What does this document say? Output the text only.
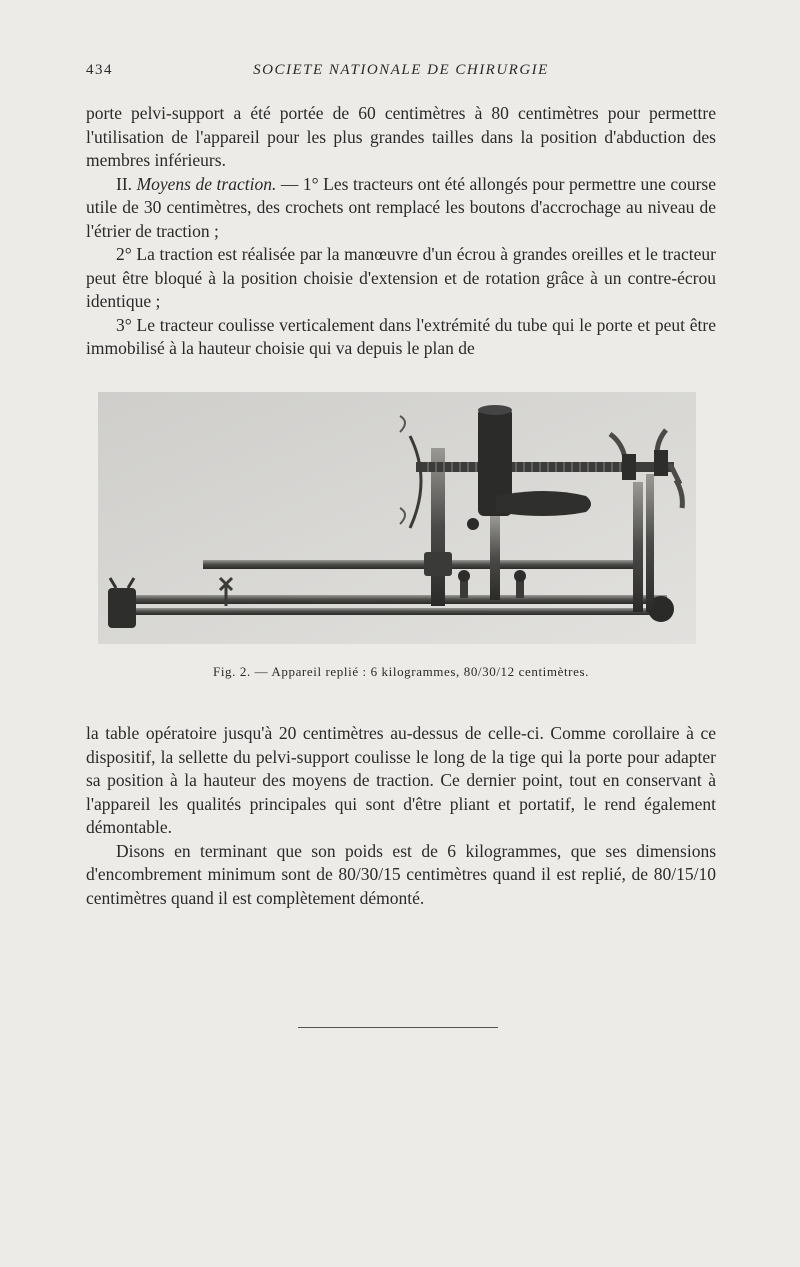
434	SOCIETE NATIONALE DE CHIRURGIE

porte pelvi-support a été portée de 60 centimètres à 80 centimètres pour permettre l'utilisation de l'appareil pour les plus grandes tailles dans la position d'abduction des membres inférieurs.

II. Moyens de traction. — 1° Les tracteurs ont été allongés pour permettre une course utile de 30 centimètres, des crochets ont remplacé les boutons d'accrochage au niveau de l'étrier de traction ;

2° La traction est réalisée par la manœuvre d'un écrou à grandes oreilles et le tracteur peut être bloqué à la position choisie d'extension et de rotation grâce à un contre-écrou identique ;

3° Le tracteur coulisse verticalement dans l'extrémité du tube qui le porte et peut être immobilisé à la hauteur choisie qui va depuis le plan de

Fig. 2. — Appareil replié : 6 kilogrammes, 80/30/12 centimètres.

la table opératoire jusqu'à 20 centimètres au-dessus de celle-ci. Comme corollaire à ce dispositif, la sellette du pelvi-support coulisse le long de la tige qui la porte pour adapter sa position à la hauteur des moyens de traction. Ce dernier point, tout en conservant à l'appareil les qualités principales qui sont d'être pliant et portatif, le rend également démontable.

Disons en terminant que son poids est de 6 kilogrammes, que ses dimensions d'encombrement minimum sont de 80/30/15 centimètres quand il est replié, de 80/15/10 centimètres quand il est complètement démonté.
